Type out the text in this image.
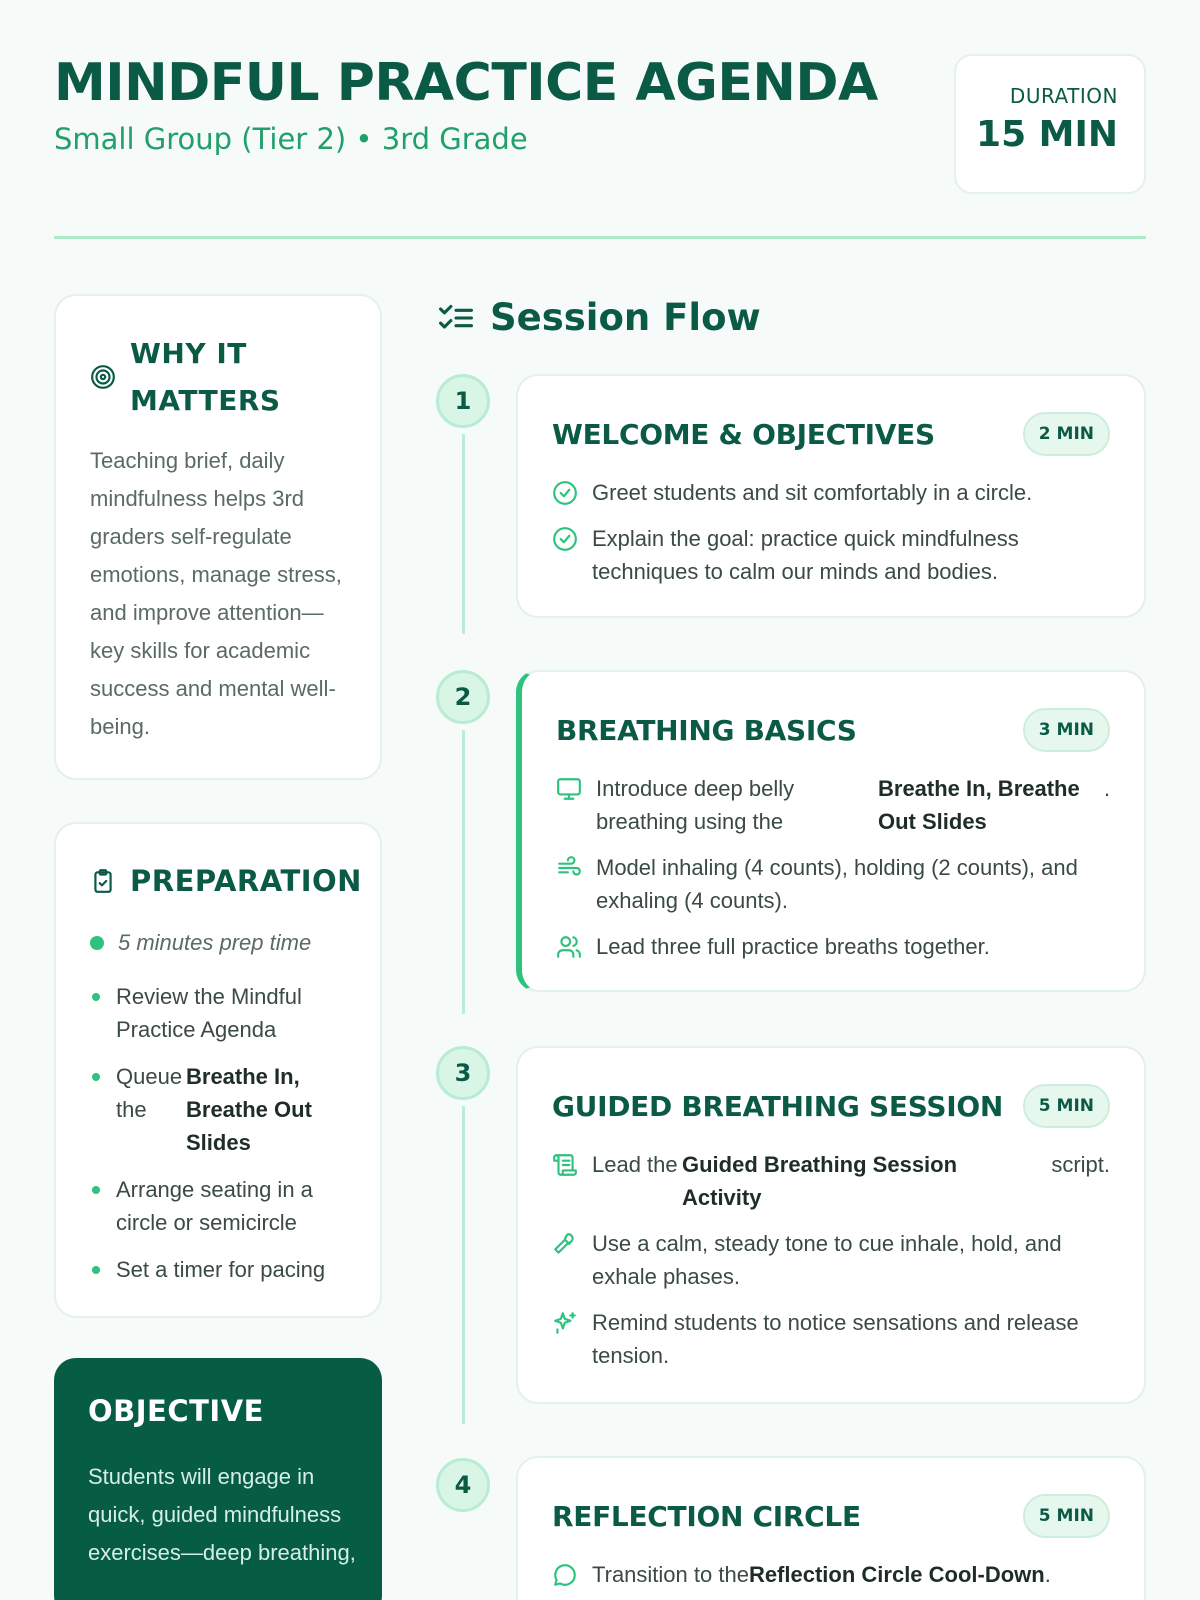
MINDFUL PRACTICE AGENDA
Small Group (Tier 2) • 3rd Grade
DURATION
15 MIN
WHY IT MATTERS
Teaching brief, daily mindfulness helps 3rd graders self-regulate emotions, manage stress, and improve attention—key skills for academic success and mental well-being.
PREPARATION
5 minutes prep time
Review the Mindful Practice Agenda
Queue
the
Breathe In, Breathe Out Slides
Arrange seating in a circle or semicircle
Set a timer for pacing
OBJECTIVE
Students will engage in quick, guided mindfulness exercises—deep breathing,
Session Flow
1
WELCOME & OBJECTIVES	2 MIN
Greet students and sit comfortably in a circle.
Explain the goal: practice quick mindfulness techniques to calm our minds and bodies.
2
BREATHING BASICS	3 MIN
Introduce deep belly breathing using the
Breathe In, Breathe Out Slides
.
Model inhaling (4 counts), holding (2 counts), and exhaling (4 counts).
Lead three full practice breaths together.
3
GUIDED BREATHING SESSION	5 MIN
Lead the Guided Breathing Session Activity
script.
Use a calm, steady tone to cue inhale, hold, and exhale phases.
Remind students to notice sensations and release tension.
4
REFLECTION CIRCLE	5 MIN
Transition to theReflection Circle Cool-Down.
